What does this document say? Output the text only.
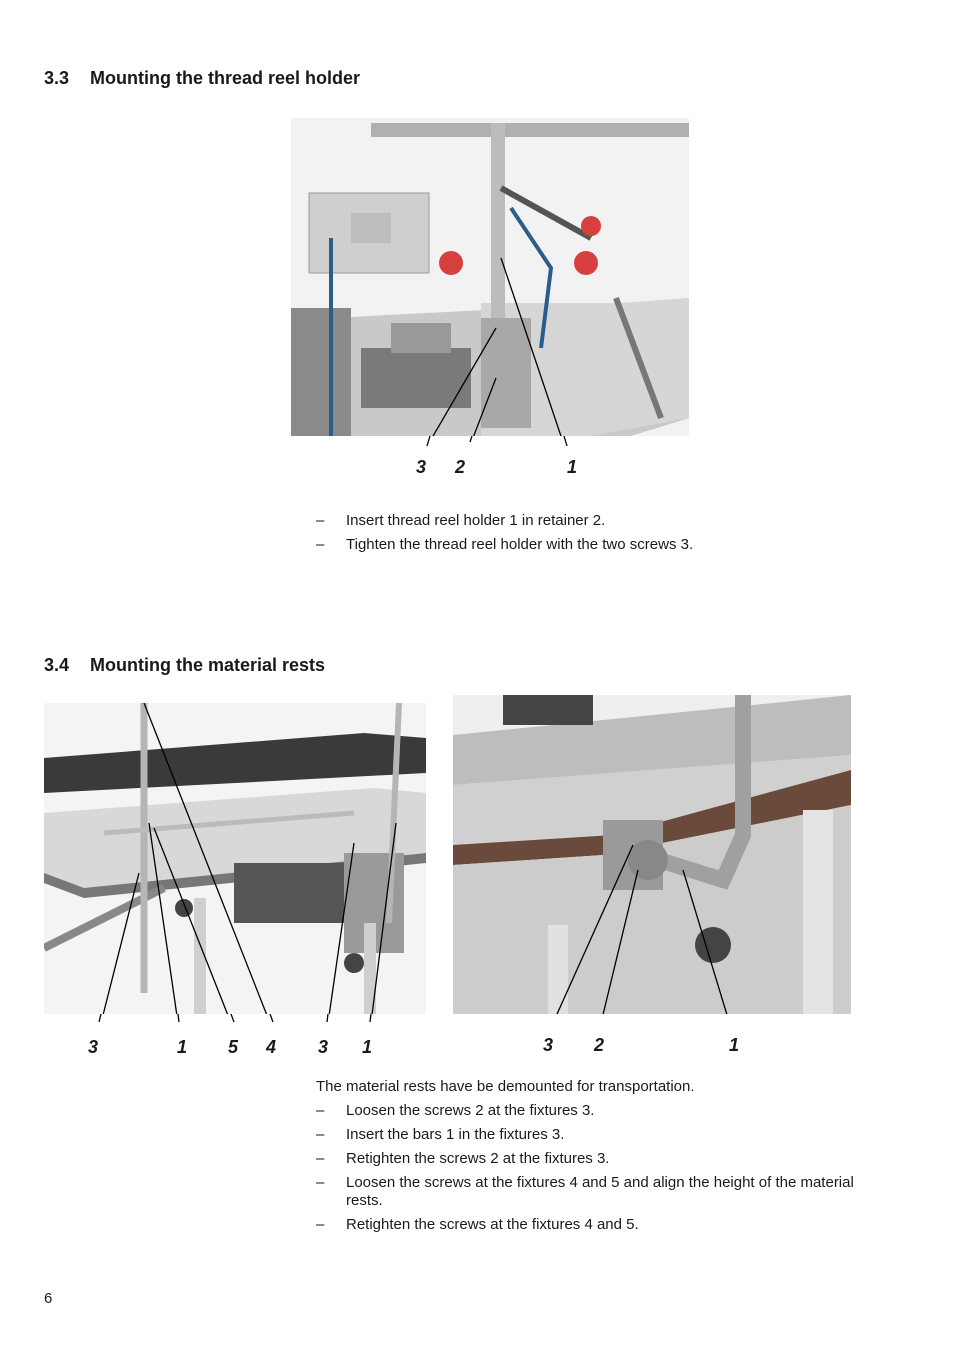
3.3	Mounting the thread reel holder
3 2	1
–	Insert thread reel holder 1 in retainer 2.
–	Tighten the thread reel holder with the two screws 3.
3.4	Mounting the material rests
3	1 5 4 3 1	3 2	1
The material rests have be demounted for transportation.
–	Loosen the screws 2 at the fixtures 3.
–	Insert the bars 1 in the fixtures 3.
–	Retighten the screws 2 at the fixtures 3.
–	Loosen the screws at the fixtures 4 and 5 and align the height of the material rests.
–	Retighten the screws at the fixtures 4 and 5.
6
